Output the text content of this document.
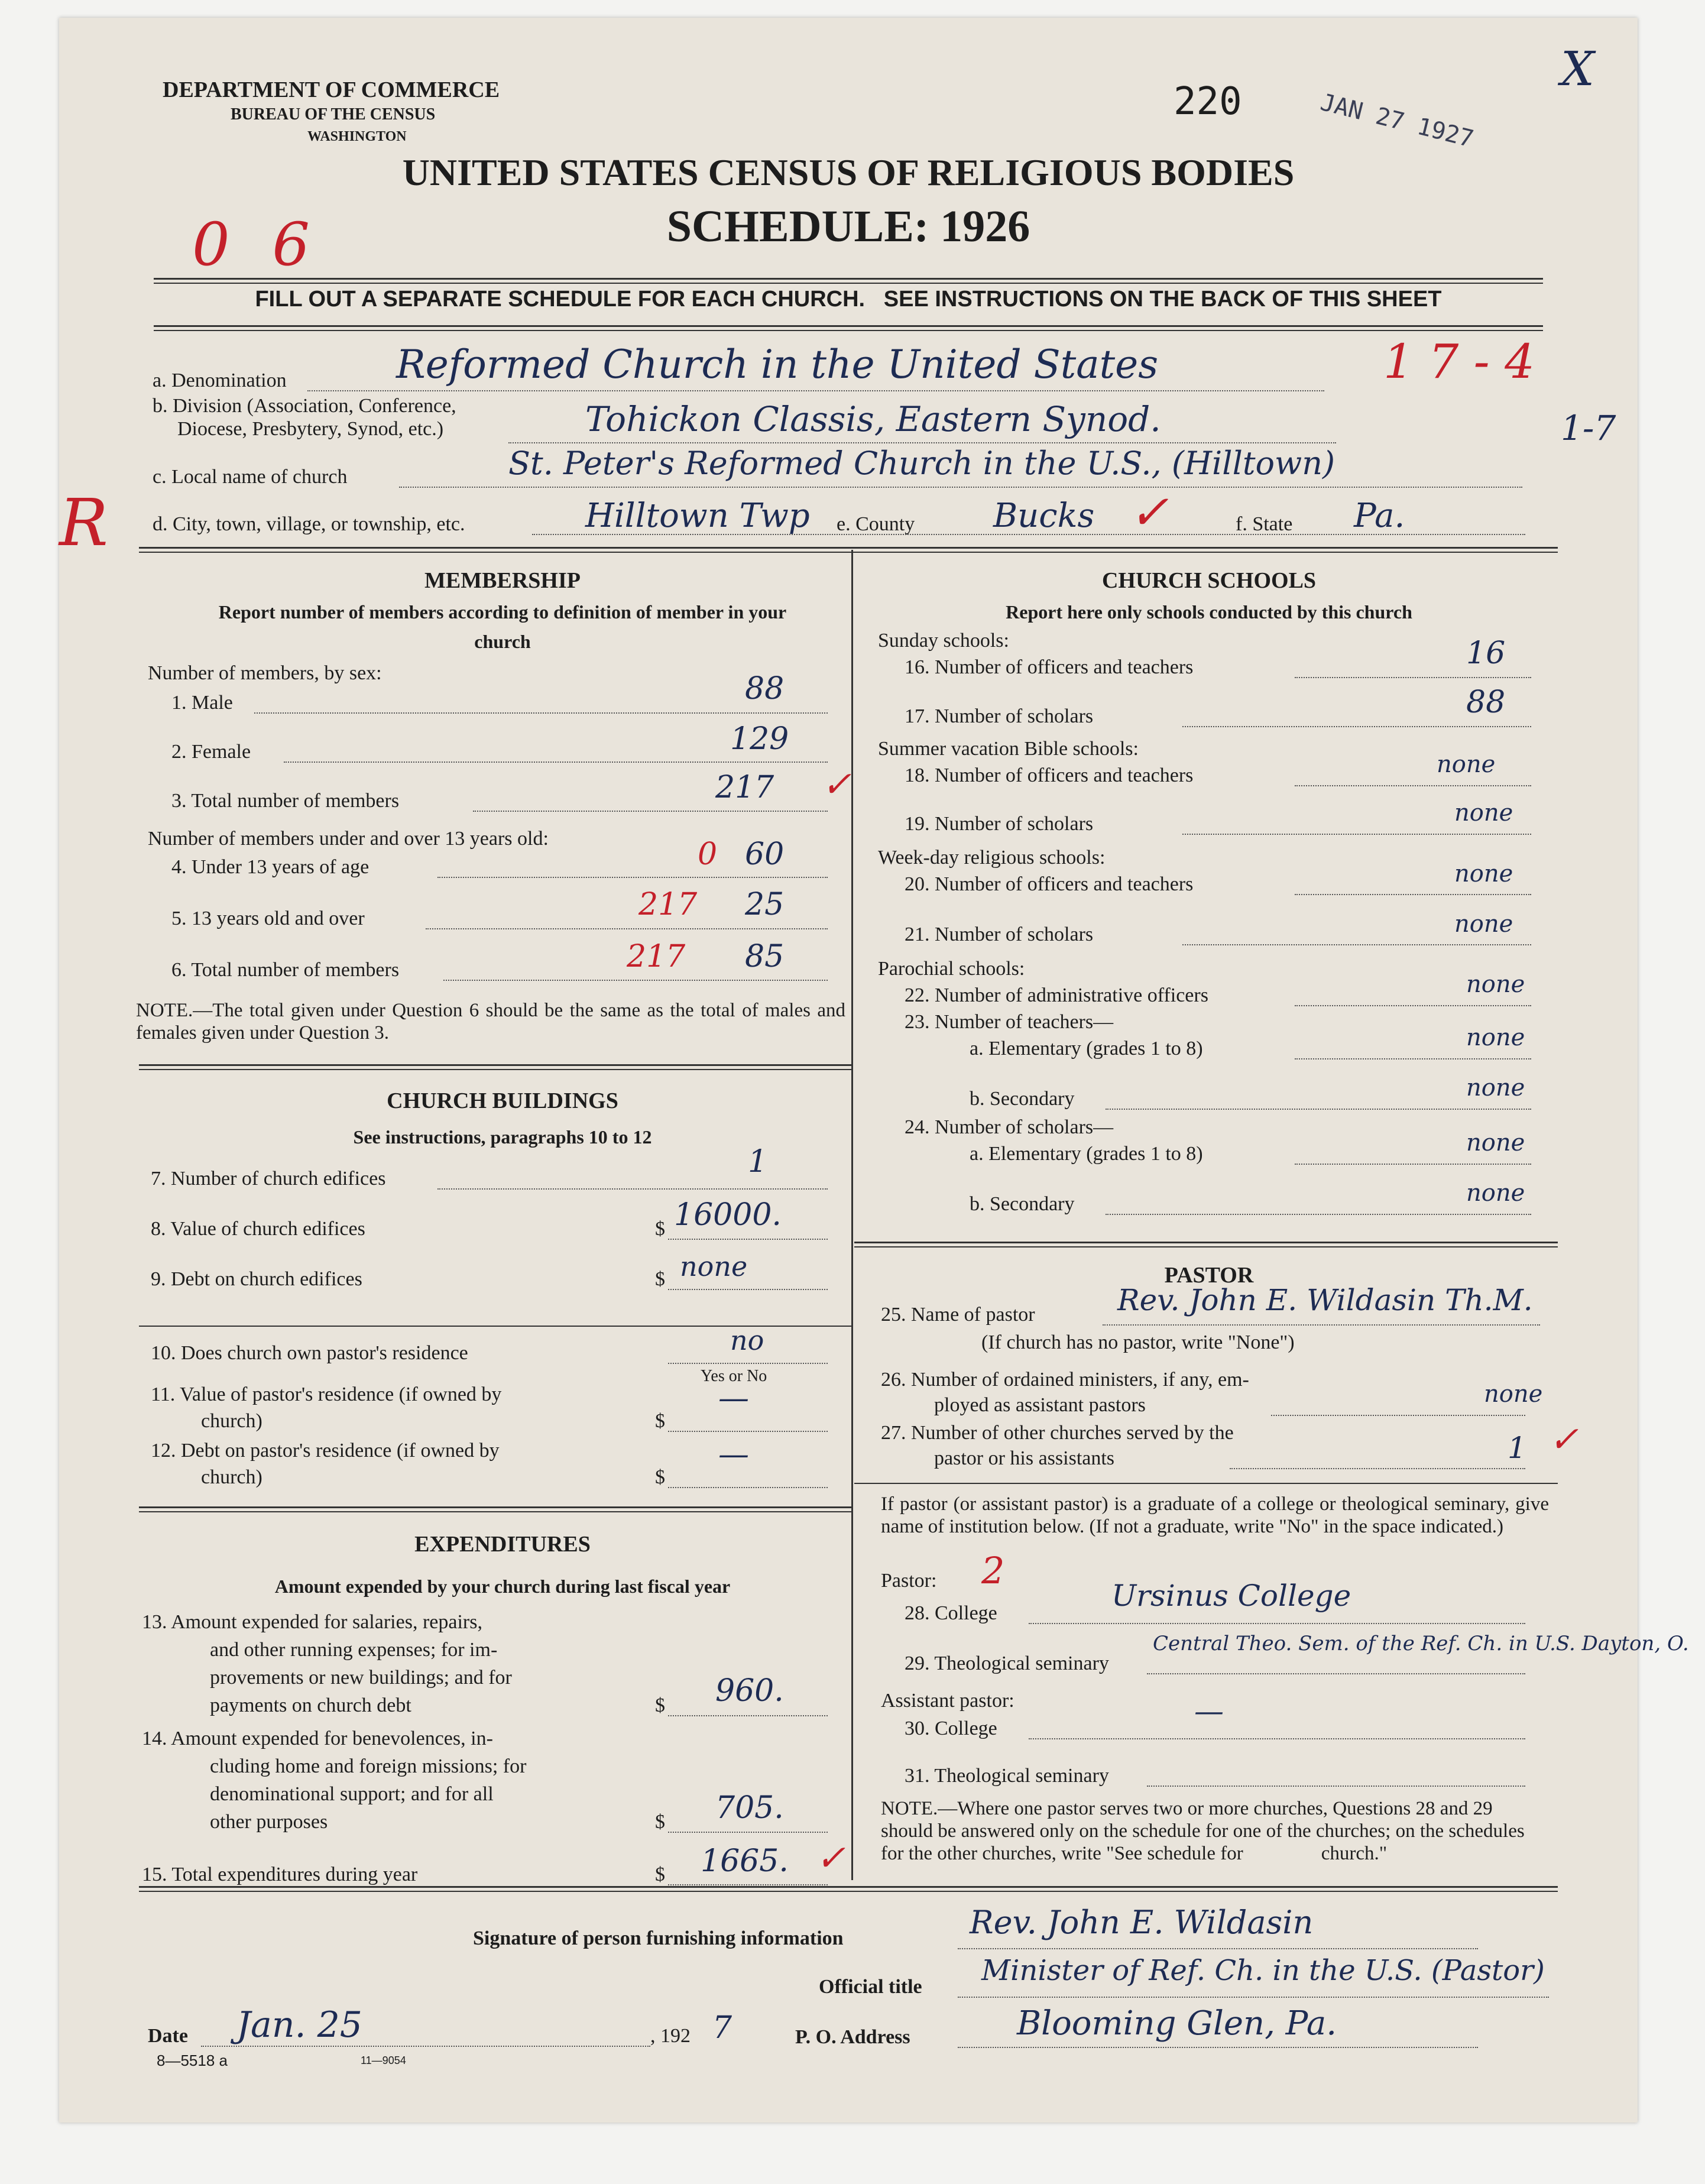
DEPARTMENT OF COMMERCE
BUREAU OF THE CENSUS
WASHINGTON
220	JAN 27 1927
X
UNITED STATES CENSUS OF RELIGIOUS BODIES
SCHEDULE: 1926
0 6
FILL OUT A SEPARATE SCHEDULE FOR EACH CHURCH.   SEE INSTRUCTIONS ON THE BACK OF THIS SHEET
R
a. Denomination	Reformed Church in the United States	1 7 - 4
b. Division (Association, Conference,
Diocese, Presbytery, Synod, etc.)	Tohickon Classis, Eastern Synod.	1-7
c. Local name of church	St. Peter's Reformed Church in the U.S., (Hilltown)
d. City, town, village, or township, etc.	Hilltown Twp e. County Bucks ✓	f. State Pa.
MEMBERSHIP
Report number of members according to definition of member in your church
Number of members, by sex:
1. Male	88
2. Female	129
3. Total number of members	217 ✓
Number of members under and over 13 years old:
4. Under 13 years of age	0 60
5. 13 years old and over	217 25
6. Total number of members	217 85
NOTE.—The total given under Question 6 should be the same as the total of males and females given under Question 3.
CHURCH BUILDINGS
See instructions, paragraphs 10 to 12
7. Number of church edifices	1
8. Value of church edifices	$ 16000.
9. Debt on church edifices	$ none
10. Does church own pastor's residence	no
Yes or No
11. Value of pastor's residence (if owned by
church)	$
—
12. Debt on pastor's residence (if owned by
church)	$
—
EXPENDITURES
Amount expended by your church during last fiscal year
13. Amount expended for salaries, repairs,
and other running expenses; for im-
provements or new buildings; and for
payments on church debt	$ 960.
14. Amount expended for benevolences, in-
cluding home and foreign missions; for
denominational support; and for all
other purposes	$ 705.
15. Total expenditures during year	$ 1665. ✓
CHURCH SCHOOLS
Report here only schools conducted by this church
Sunday schools:
16. Number of officers and teachers	16
17. Number of scholars	88
Summer vacation Bible schools:
18. Number of officers and teachers	none
19. Number of scholars	none
Week-day religious schools:
20. Number of officers and teachers	none
21. Number of scholars	none
Parochial schools:
22. Number of administrative officers	none
23. Number of teachers—
a. Elementary (grades 1 to 8)	none
b. Secondary	none
24. Number of scholars—
a. Elementary (grades 1 to 8)	none
b. Secondary	none
PASTOR
25. Name of pastor	Rev. John E. Wildasin Th.M.
(If church has no pastor, write "None")
26. Number of ordained ministers, if any, em-
ployed as assistant pastors	none
27. Number of other churches served by the
pastor or his assistants	1 ✓
If pastor (or assistant pastor) is a graduate of a college or theological seminary, give name of institution below. (If not a graduate, write "No" in the space indicated.)
Pastor: 2
28. College
Ursinus College
29. Theological seminary
Central Theo. Sem. of the Ref. Ch. in U.S. Dayton, O.
Assistant pastor:
30. College
—
31. Theological seminary
NOTE.—Where one pastor serves two or more churches, Questions 28 and 29 should be answered only on the schedule for one of the churches; on the schedules for the other churches, write "See schedule for                church."
Signature of person furnishing information	Rev. John E. Wildasin
Official title Minister of Ref. Ch. in the U.S. (Pastor)
Date Jan. 25	, 192 7	P. O. Address	Blooming Glen, Pa.
8—5518 a	11—9054
